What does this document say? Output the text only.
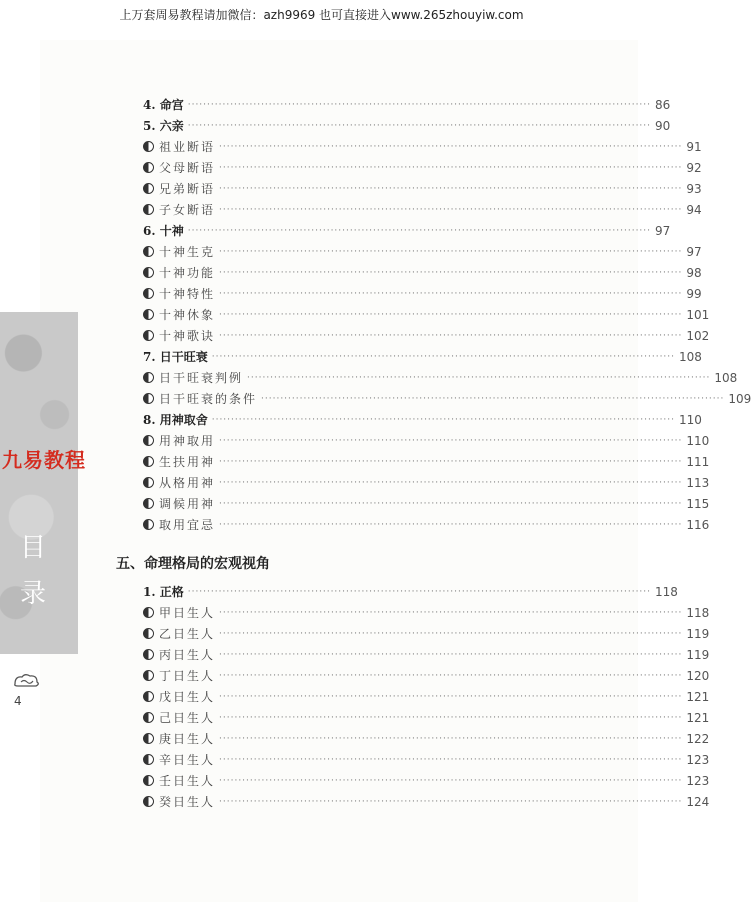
上万套周易教程请加微信：azh9969 也可直接进入www.265zhouyiw.com
九易教程
目
录
4
4. 命宫 ························································································································ 86
5. 六亲 ························································································································ 90
祖业断语 ························································································································ 91
父母断语 ························································································································ 92
兄弟断语 ························································································································ 93
子女断语 ························································································································ 94
6. 十神 ························································································································ 97
十神生克 ························································································································ 97
十神功能 ························································································································ 98
十神特性 ························································································································ 99
十神休象 ························································································································ 101
十神歌诀 ························································································································ 102
7. 日干旺衰 ························································································································ 108
日干旺衰判例 ························································································································ 108
日干旺衰的条件 ························································································································ 109
8. 用神取舍 ························································································································ 110
用神取用 ························································································································ 110
生扶用神 ························································································································ 111
从格用神 ························································································································ 113
调候用神 ························································································································ 115
取用宜忌 ························································································································ 116
五、命理格局的宏观视角
1. 正格 ························································································································ 118
甲日生人 ························································································································ 118
乙日生人 ························································································································ 119
丙日生人 ························································································································ 119
丁日生人 ························································································································ 120
戊日生人 ························································································································ 121
己日生人 ························································································································ 121
庚日生人 ························································································································ 122
辛日生人 ························································································································ 123
壬日生人 ························································································································ 123
癸日生人 ························································································································ 124
